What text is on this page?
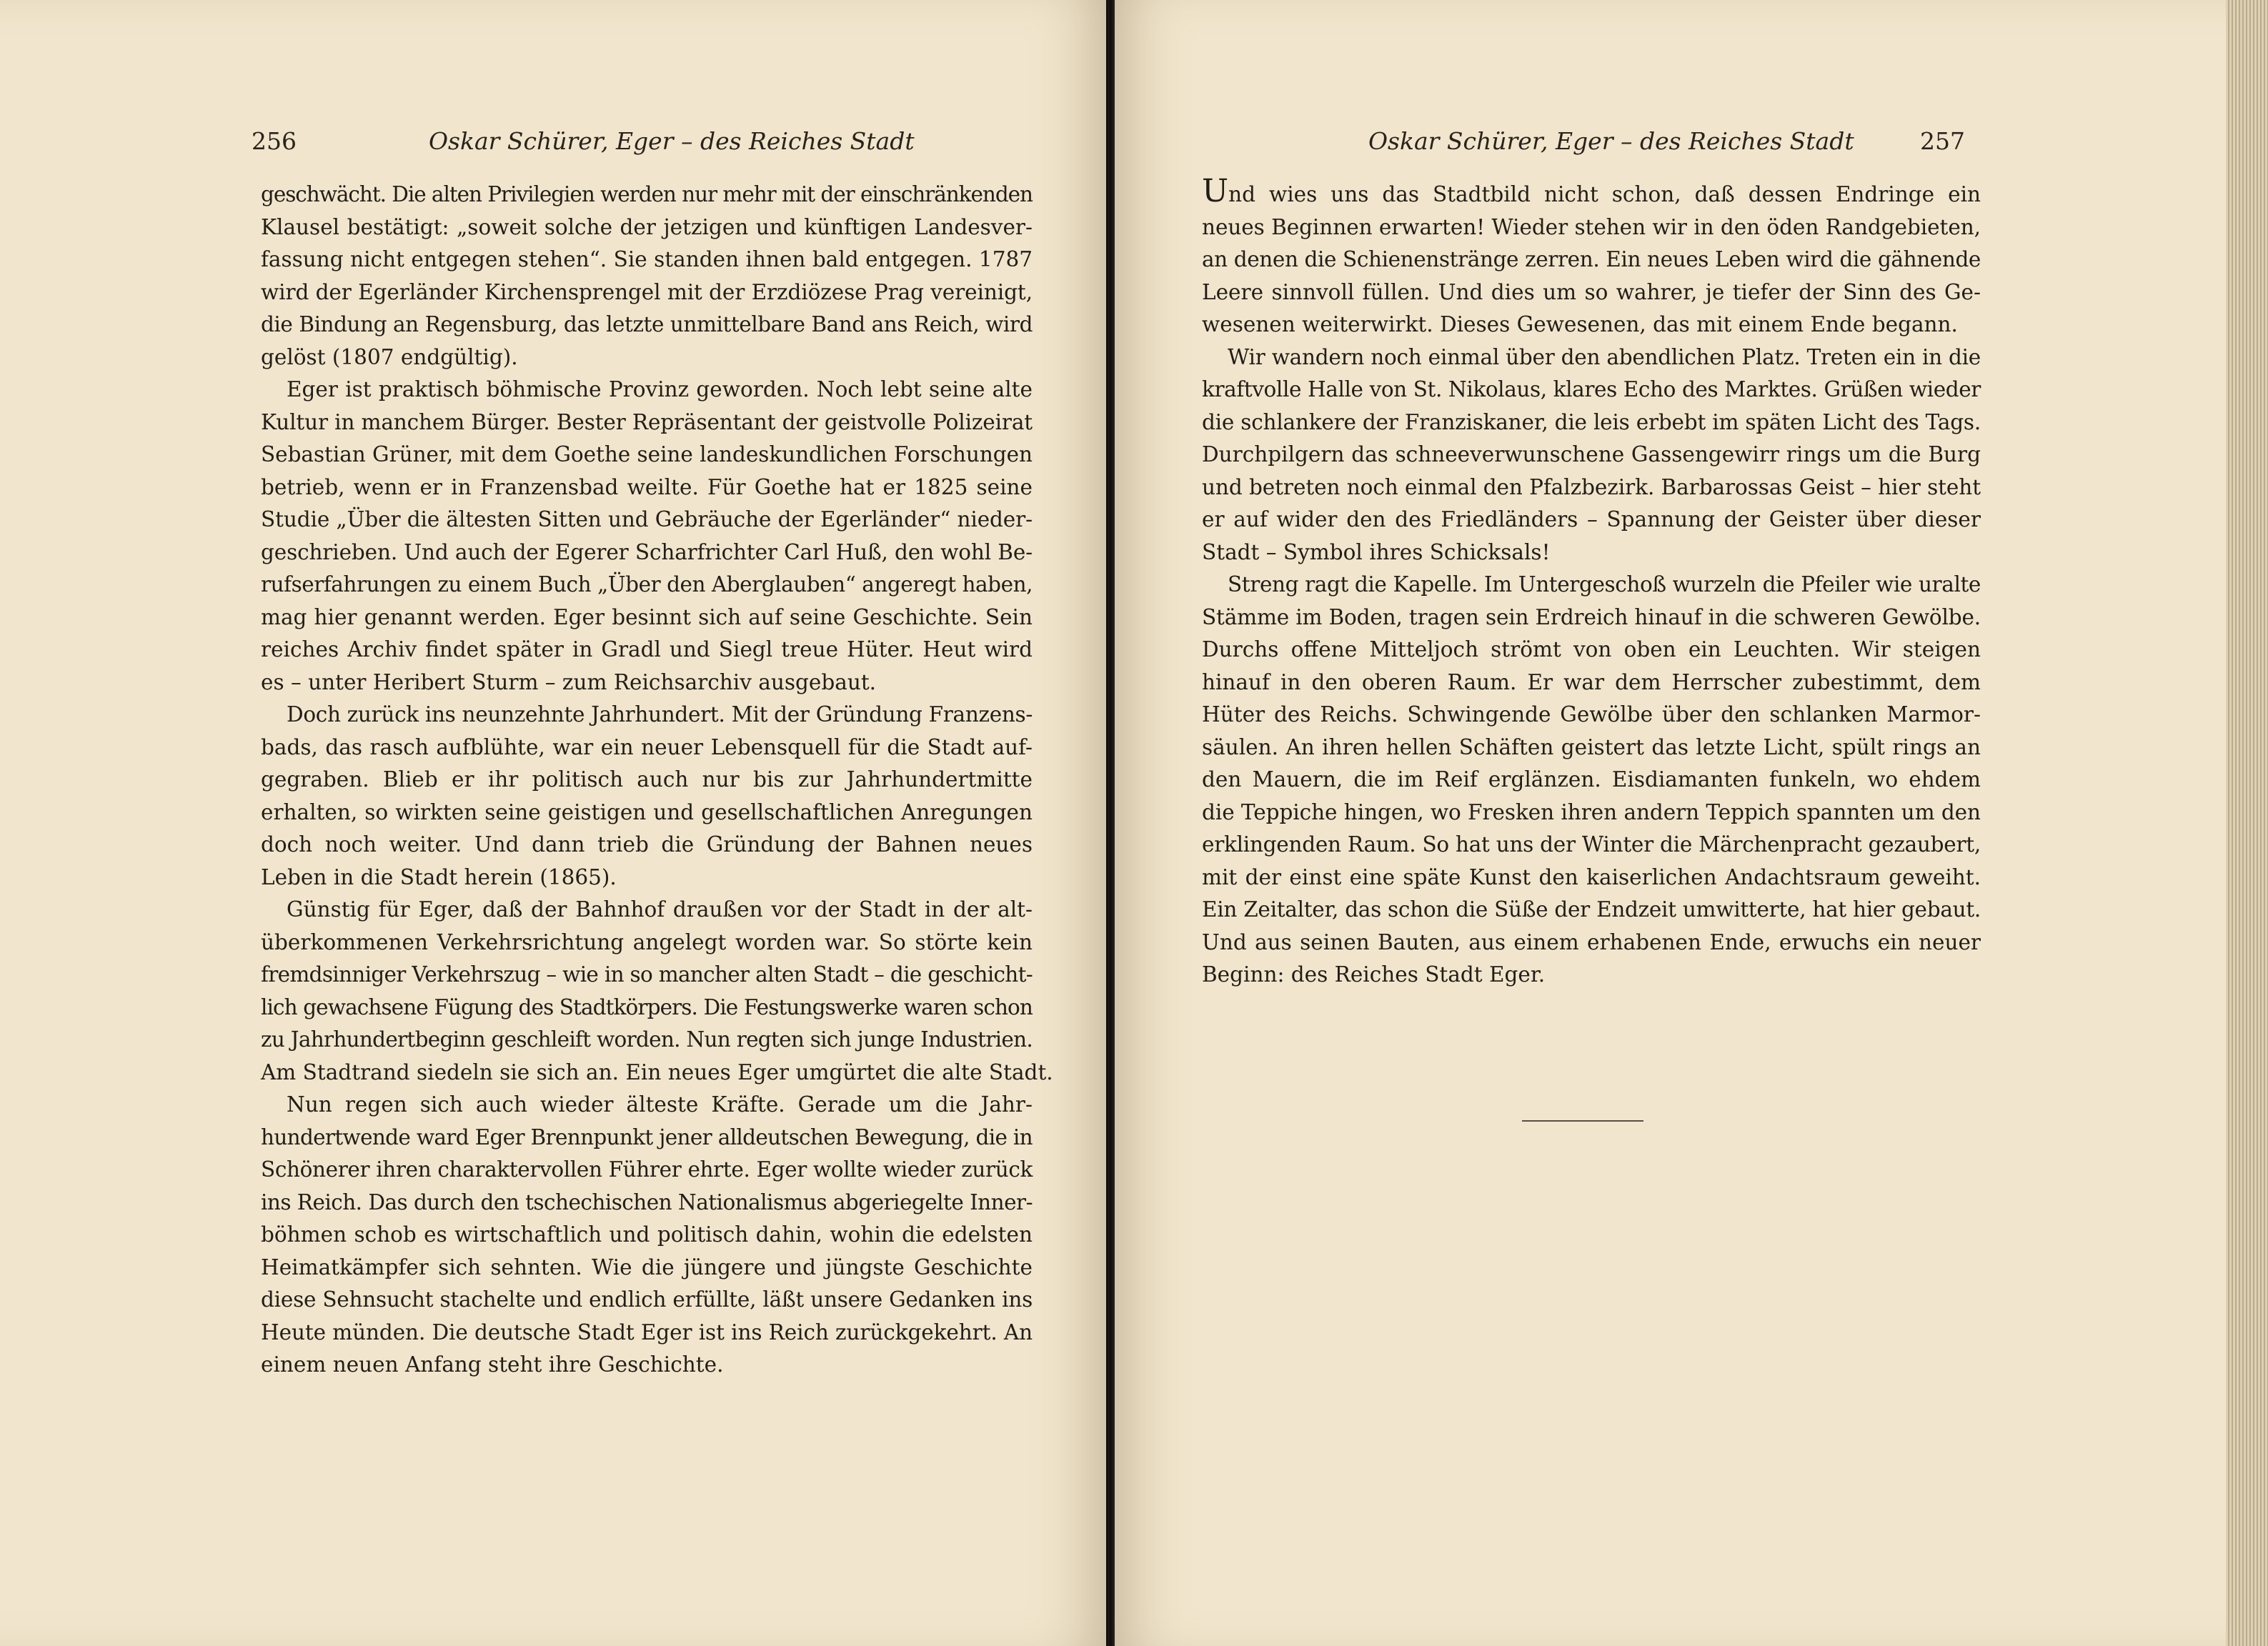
256	Oskar Schürer, Eger – des Reiches Stadt
geschwächt. Die alten Privilegien werden nur mehr mit der einschränkenden
Klausel bestätigt: „soweit solche der jetzigen und künftigen Landesver-
fassung nicht entgegen stehen“. Sie standen ihnen bald entgegen. 1787
wird der Egerländer Kirchensprengel mit der Erzdiözese Prag vereinigt,
die Bindung an Regensburg, das letzte unmittelbare Band ans Reich, wird
gelöst (1807 endgültig).
Eger ist praktisch böhmische Provinz geworden. Noch lebt seine alte
Kultur in manchem Bürger. Bester Repräsentant der geistvolle Polizeirat
Sebastian Grüner, mit dem Goethe seine landeskundlichen Forschungen
betrieb, wenn er in Franzensbad weilte. Für Goethe hat er 1825 seine
Studie „Über die ältesten Sitten und Gebräuche der Egerländer“ nieder-
geschrieben. Und auch der Egerer Scharfrichter Carl Huß, den wohl Be-
rufserfahrungen zu einem Buch „Über den Aberglauben“ angeregt haben,
mag hier genannt werden. Eger besinnt sich auf seine Geschichte. Sein
reiches Archiv findet später in Gradl und Siegl treue Hüter. Heut wird
es – unter Heribert Sturm – zum Reichsarchiv ausgebaut.
Doch zurück ins neunzehnte Jahrhundert. Mit der Gründung Franzens-
bads, das rasch aufblühte, war ein neuer Lebensquell für die Stadt auf-
gegraben. Blieb er ihr politisch auch nur bis zur Jahrhundertmitte
erhalten, so wirkten seine geistigen und gesellschaftlichen Anregungen
doch noch weiter. Und dann trieb die Gründung der Bahnen neues
Leben in die Stadt herein (1865).
Günstig für Eger, daß der Bahnhof draußen vor der Stadt in der alt-
überkommenen Verkehrsrichtung angelegt worden war. So störte kein
fremdsinniger Verkehrszug – wie in so mancher alten Stadt – die geschicht-
lich gewachsene Fügung des Stadtkörpers. Die Festungswerke waren schon
zu Jahrhundertbeginn geschleift worden. Nun regten sich junge Industrien.
Am Stadtrand siedeln sie sich an. Ein neues Eger umgürtet die alte Stadt.
Nun regen sich auch wieder älteste Kräfte. Gerade um die Jahr-
hundertwende ward Eger Brennpunkt jener alldeutschen Bewegung, die in
Schönerer ihren charaktervollen Führer ehrte. Eger wollte wieder zurück
ins Reich. Das durch den tschechischen Nationalismus abgeriegelte Inner-
böhmen schob es wirtschaftlich und politisch dahin, wohin die edelsten
Heimatkämpfer sich sehnten. Wie die jüngere und jüngste Geschichte
diese Sehnsucht stachelte und endlich erfüllte, läßt unsere Gedanken ins
Heute münden. Die deutsche Stadt Eger ist ins Reich zurückgekehrt. An
einem neuen Anfang steht ihre Geschichte.
Oskar Schürer, Eger – des Reiches Stadt	257
Und wies uns das Stadtbild nicht schon, daß dessen Endringe ein
neues Beginnen erwarten! Wieder stehen wir in den öden Randgebieten,
an denen die Schienenstränge zerren. Ein neues Leben wird die gähnende
Leere sinnvoll füllen. Und dies um so wahrer, je tiefer der Sinn des Ge-
wesenen weiterwirkt. Dieses Gewesenen, das mit einem Ende begann.
Wir wandern noch einmal über den abendlichen Platz. Treten ein in die
kraftvolle Halle von St. Nikolaus, klares Echo des Marktes. Grüßen wieder
die schlankere der Franziskaner, die leis erbebt im späten Licht des Tags.
Durchpilgern das schneeverwunschene Gassengewirr rings um die Burg
und betreten noch einmal den Pfalzbezirk. Barbarossas Geist – hier steht
er auf wider den des Friedländers – Spannung der Geister über dieser
Stadt – Symbol ihres Schicksals!
Streng ragt die Kapelle. Im Untergeschoß wurzeln die Pfeiler wie uralte
Stämme im Boden, tragen sein Erdreich hinauf in die schweren Gewölbe.
Durchs offene Mitteljoch strömt von oben ein Leuchten. Wir steigen
hinauf in den oberen Raum. Er war dem Herrscher zubestimmt, dem
Hüter des Reichs. Schwingende Gewölbe über den schlanken Marmor-
säulen. An ihren hellen Schäften geistert das letzte Licht, spült rings an
den Mauern, die im Reif erglänzen. Eisdiamanten funkeln, wo ehdem
die Teppiche hingen, wo Fresken ihren andern Teppich spannten um den
erklingenden Raum. So hat uns der Winter die Märchenpracht gezaubert,
mit der einst eine späte Kunst den kaiserlichen Andachtsraum geweiht.
Ein Zeitalter, das schon die Süße der Endzeit umwitterte, hat hier gebaut.
Und aus seinen Bauten, aus einem erhabenen Ende, erwuchs ein neuer
Beginn: des Reiches Stadt Eger.
